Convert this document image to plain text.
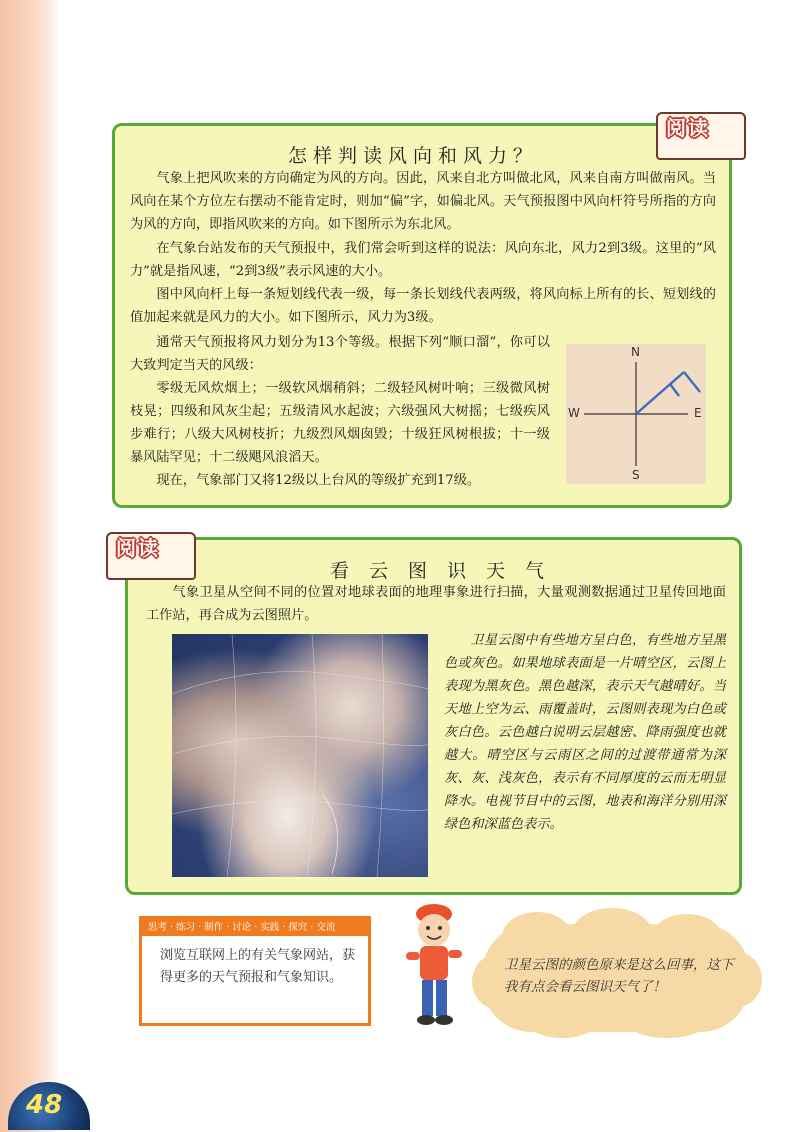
阅读
怎样判读风向和风力？

气象上把风吹来的方向确定为风的方向。因此，风来自北方叫做北风，风来自南方叫做南风。当风向在某个方位左右摆动不能肯定时，则加“偏”字，如偏北风。天气预报图中风向杆符号所指的方向为风的方向，即指风吹来的方向。如下图所示为东北风。

在气象台站发布的天气预报中，我们常会听到这样的说法：风向东北，风力2到3级。这里的“风力”就是指风速，“2到3级”表示风速的大小。

图中风向杆上每一条短划线代表一级，每一条长划线代表两级，将风向标上所有的长、短划线的值加起来就是风力的大小。如下图所示，风力为3级。

通常天气预报将风力划分为13个等级。根据下列“顺口溜”，你可以大致判定当天的风级：

零级无风炊烟上；一级软风烟稍斜；二级轻风树叶响；三级微风树枝晃；四级和风灰尘起；五级清风水起波；六级强风大树摇；七级疾风步难行；八级大风树枝折；九级烈风烟囱毁；十级狂风树根拔；十一级暴风陆罕见；十二级飓风浪滔天。

现在，气象部门又将12级以上台风的等级扩充到17级。

N
S
E
W
阅读
看云图识天气

气象卫星从空间不同的位置对地球表面的地理事象进行扫描，大量观测数据通过卫星传回地面工作站，再合成为云图照片。

卫星云图中有些地方呈白色，有些地方呈黑色或灰色。如果地球表面是一片晴空区，云图上表现为黑灰色。黑色越深，表示天气越晴好。当天地上空为云、雨覆盖时，云图则表现为白色或灰白色。云色越白说明云层越密、降雨强度也就越大。晴空区与云雨区之间的过渡带通常为深灰、灰、浅灰色，表示有不同厚度的云而无明显降水。电视节目中的云图，地表和海洋分别用深绿色和深蓝色表示。

思考 · 练习 · 制作 · 讨论 · 实践 · 探究 · 交流
浏览互联网上的有关气象网站，获得更多的天气预报和气象知识。
卫星云图的颜色原来是这么回事，这下我有点会看云图识天气了！
48
